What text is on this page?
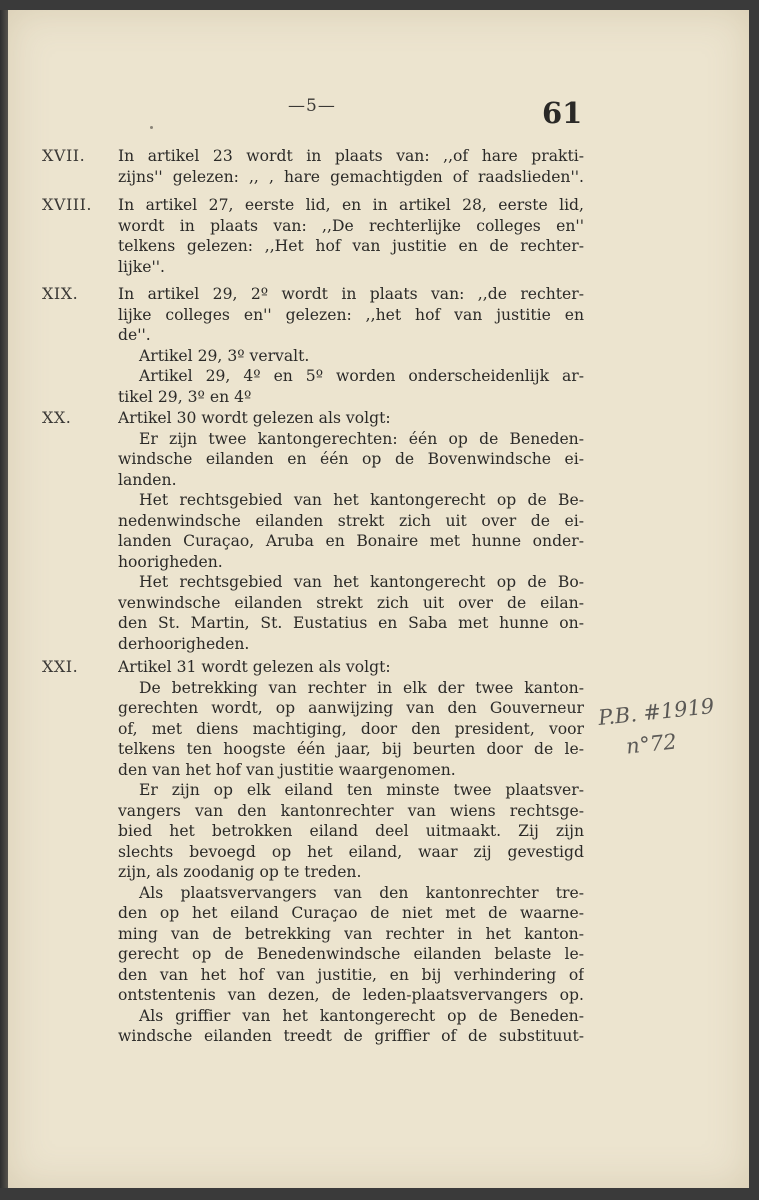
—5—	61
XVII. In artikel 23 wordt in plaats van: ,,of hare prakti-
zijns'' gelezen: ,, , hare gemachtigden of raadslieden''.
XVIII. In artikel 27, eerste lid, en in artikel 28, eerste lid,
wordt in plaats van: ,,De rechterlijke colleges en''
telkens gelezen: ,,Het hof van justitie en de rechter-
lijke''.
XIX.	In artikel 29, 2º wordt in plaats van: ,,de rechter-
lijke colleges en'' gelezen: ,,het hof van justitie en
de''.
Artikel 29, 3º vervalt.
Artikel 29, 4º en 5º worden onderscheidenlijk ar-
tikel 29, 3º en 4º
XX.	Artikel 30 wordt gelezen als volgt:
Er zijn twee kantongerechten: één op de Beneden-
windsche eilanden en één op de Bovenwindsche ei-
landen.
Het rechtsgebied van het kantongerecht op de Be-
nedenwindsche eilanden strekt zich uit over de ei-
landen Curaçao, Aruba en Bonaire met hunne onder-
hoorigheden.
Het rechtsgebied van het kantongerecht op de Bo-
venwindsche eilanden strekt zich uit over de eilan-
den St. Martin, St. Eustatius en Saba met hunne on-
derhoorigheden.
XXI.	Artikel 31 wordt gelezen als volgt:
De betrekking van rechter in elk der twee kanton-
gerechten wordt, op aanwijzing van den Gouverneur
of, met diens machtiging, door den president, voor
telkens ten hoogste één jaar, bij beurten door de le-
den van het hof van justitie waargenomen.
Er zijn op elk eiland ten minste twee plaatsver-
vangers van den kantonrechter van wiens rechtsge-
bied het betrokken eiland deel uitmaakt. Zij zijn
slechts bevoegd op het eiland, waar zij gevestigd
zijn, als zoodanig op te treden.
Als plaatsvervangers van den kantonrechter tre-
den op het eiland Curaçao de niet met de waarne-
ming van de betrekking van rechter in het kanton-
gerecht op de Benedenwindsche eilanden belaste le-
den van het hof van justitie, en bij verhindering of
ontstentenis van dezen, de leden-plaatsvervangers op.
Als griffier van het kantongerecht op de Beneden-
windsche eilanden treedt de griffier of de substituut-
P.B. #1919
n°72
